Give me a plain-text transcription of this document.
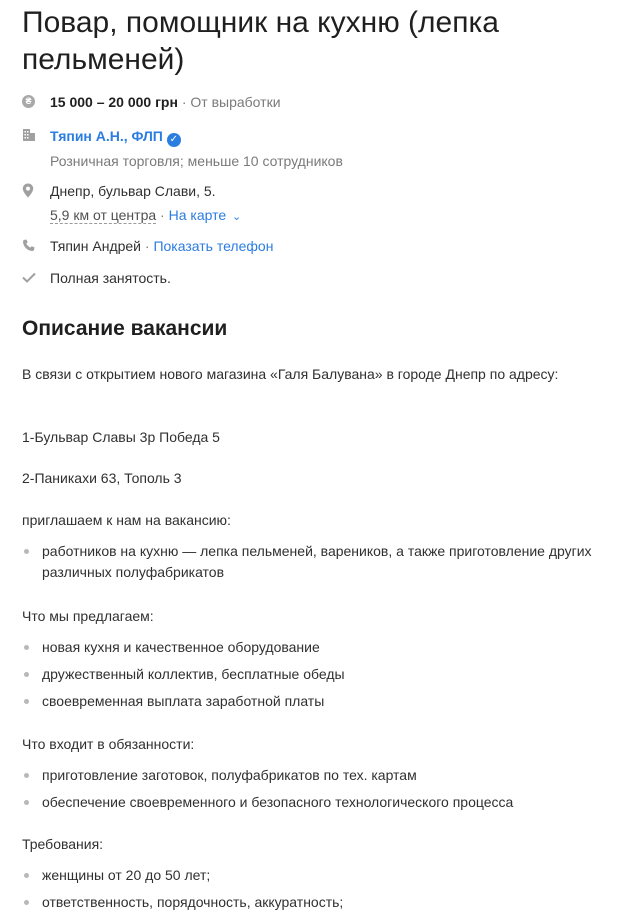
Повар, помощник на кухню (лепка пельменей)
₴ 15 000 – 20 000 грн · От выработки
Тяпин А.Н., ФЛП ✓
Розничная торговля; меньше 10 сотрудников
Днепр, бульвар Слави, 5.
5,9 км от центра · На карте ⌄
Тяпин Андрей · Показать телефон
Полная занятость.
Описание вакансии

В связи с открытием нового магазина «Галя Балувана» в городе Днепр по адресу:

1-Бульвар Славы 3р Победа 5

2-Паникахи 63, Тополь 3

приглашаем к нам на вакансию:

работников на кухню — лепка пельменей, вареников, а также приготовление других различных полуфабрикатов

Что мы предлагаем:

новая кухня и качественное оборудование
дружественный коллектив, бесплатные обеды
своевременная выплата заработной платы

Что входит в обязанности:

приготовление заготовок, полуфабрикатов по тех. картам
обеспечение своевременного и безопасного технологического процесса

Требования:

женщины от 20 до 50 лет;
ответственность, порядочность, аккуратность;
